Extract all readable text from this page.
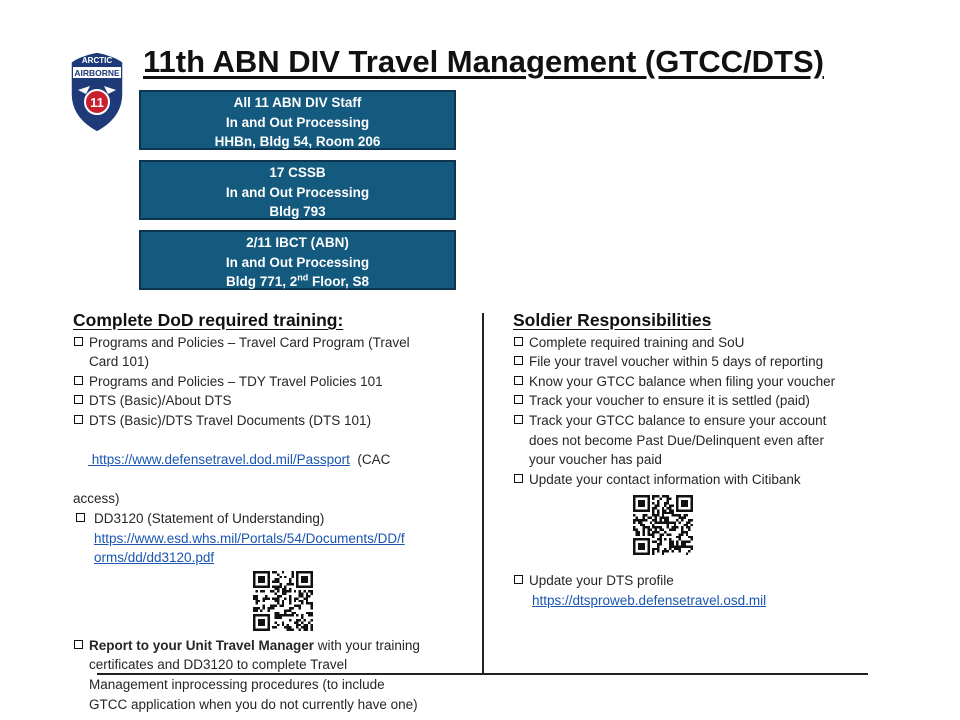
ARCTIC
AIRBORNE
11
11th ABN DIV Travel Management (GTCC/DTS)
All 11 ABN DIV Staff
In and Out Processing
HHBn, Bldg 54, Room 206
17 CSSB
In and Out Processing
Bldg 793
2/11 IBCT (ABN)
In and Out Processing
Bldg 771, 2nd Floor, S8
Complete DoD required training:
Programs and Policies – Travel Card Program (Travel
Card 101)
Programs and Policies – TDY Travel Policies 101
DTS (Basic)/About DTS
DTS (Basic)/DTS Travel Documents (DTS 101)

https://www.defensetravel.dod.mil/Passport  (CAC

access)
DD3120 (Statement of Understanding)
https://www.esd.whs.mil/Portals/54/Documents/DD/f
orms/dd/dd3120.pdf
Report to your Unit Travel Manager with your training
certificates and DD3120 to complete Travel
Management inprocessing procedures (to include
GTCC application when you do not currently have one)
Soldier Responsibilities
Complete required training and SoU
File your travel voucher within 5 days of reporting
Know your GTCC balance when filing your voucher
Track your voucher to ensure it is settled (paid)
Track your GTCC balance to ensure your account
does not become Past Due/Delinquent even after
your voucher has paid
Update your contact information with Citibank
Update your DTS profile
https://dtsproweb.defensetravel.osd.mil
